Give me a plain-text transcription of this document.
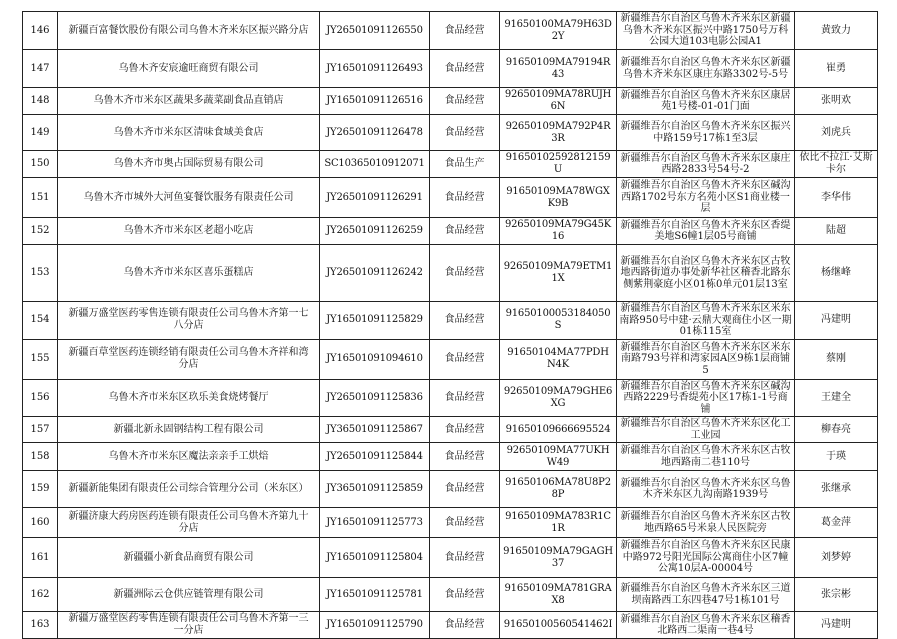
146	新疆百富餐饮股份有限公司乌鲁木齐米东区振兴路分店	JY26501091126550	食品经营	91650100MA79H63D2Y	新疆维吾尔自治区乌鲁木齐米东区新疆乌鲁木齐米东区振兴中路1750号万科公园大道103电影公园A1	黄致力
147	乌鲁木齐安宸逾旺商贸有限公司	JY16501091126493	食品经营	91650109MA79194R43	新疆维吾尔自治区乌鲁木齐米东区新疆乌鲁木齐米东区康庄东路3302号-5号	崔勇
148	乌鲁木齐市米东区蔬果多蔬菜副食品直销店	JY16501091126516	食品经营	92650109MA78RUJH6N	新疆维吾尔自治区乌鲁木齐米东区康居苑1号楼-01-01门面	张明欢
149	乌鲁木齐市米东区清味食域美食店	JY26501091126478	食品经营	92650109MA792P4R3R	新疆维吾尔自治区乌鲁木齐米东区振兴中路159号17栋1至3层	刘虎兵
150	乌鲁木齐市奥占国际贸易有限公司	SC10365010912071	食品生产	91650102592812159U	新疆维吾尔自治区乌鲁木齐米东区康庄西路2833号54号-2	依比不拉江·艾斯卡尔
151	乌鲁木齐市城外大河鱼宴餐饮服务有限责任公司	JY26501091126291	食品经营	91650109MA78WGXK9B	新疆维吾尔自治区乌鲁木齐米东区碱沟西路1702号东方名苑小区S1商业楼一层	李华伟
152	乌鲁木齐市米东区老超小吃店	JY26501091126259	食品经营	92650109MA79G45K16	新疆维吾尔自治区乌鲁木齐米东区香缇美地S6幢1层05号商铺	陆超
153	乌鲁木齐市米东区喜乐蛋糕店	JY26501091126242	食品经营	92650109MA79ETM11X	新疆维吾尔自治区乌鲁木齐米东区古牧地西路街道办事处新华社区稽香北路东侧紫荆豪庭小区01栋0单元01层13室	杨继峰
154	新疆万盛堂医药零售连锁有限责任公司乌鲁木齐第一七八分店	JY16501091125829	食品经营	91650100053184050S	新疆维吾尔自治区乌鲁木齐米东区米东南路950号中建·云鼎大观商住小区一期01栋115室	冯建明
155	新疆百草堂医药连锁经销有限责任公司乌鲁木齐祥和湾分店	JY16501091094610	食品经营	91650104MA77PDHN4K	新疆维吾尔自治区乌鲁木齐米东区米东南路793号祥和湾家园A区9栋1层商铺5	蔡刚
156	乌鲁木齐市米东区玖乐美食烧烤餐厅	JY26501091125836	食品经营	92650109MA79GHE6XG	新疆维吾尔自治区乌鲁木齐米东区碱沟西路2229号香缇苑小区17栋1-1号商铺	王建全
157	新疆北新永固钢结构工程有限公司	JY36501091125867	食品经营	91650109666695524	新疆维吾尔自治区乌鲁木齐米东区化工工业园	柳春亮
158	乌鲁木齐市米东区魔法亲亲手工烘焙	JY26501091125844	食品经营	92650109MA77UKHW49	新疆维吾尔自治区乌鲁木齐米东区古牧地西路南二巷110号	于瑛
159	新疆新能集团有限责任公司综合管理分公司（米东区）	JY36501091125859	食品经营	91650106MA78U8P28P	新疆维吾尔自治区乌鲁木齐米东区乌鲁木齐米东区九沟南路1939号	张继承
160	新疆济康大药房医药连锁有限责任公司乌鲁木齐第九十分店	JY16501091125773	食品经营	91650109MA783R1C1R	新疆维吾尔自治区乌鲁木齐米东区古牧地西路65号米泉人民医院旁	葛金萍
161	新疆疆小新食品商贸有限公司	JY16501091125804	食品经营	91650109MA79GAGH37	新疆维吾尔自治区乌鲁木齐米东区民康中路972号阳光国际公寓商住小区7幢公寓10层A-00004号	刘梦婷
162	新疆洲际云仓供应链管理有限公司	JY16501091125781	食品经营	91650109MA781GRAX8	新疆维吾尔自治区乌鲁木齐米东区三道坝南路西工东四巷47号1栋101号	张宗彬
163	新疆万盛堂医药零售连锁有限责任公司乌鲁木齐第一三一分店	JY16501091125790	食品经营	91650100560541462I	新疆维吾尔自治区乌鲁木齐米东区稽香北路西二渠南一巷4号	冯建明
